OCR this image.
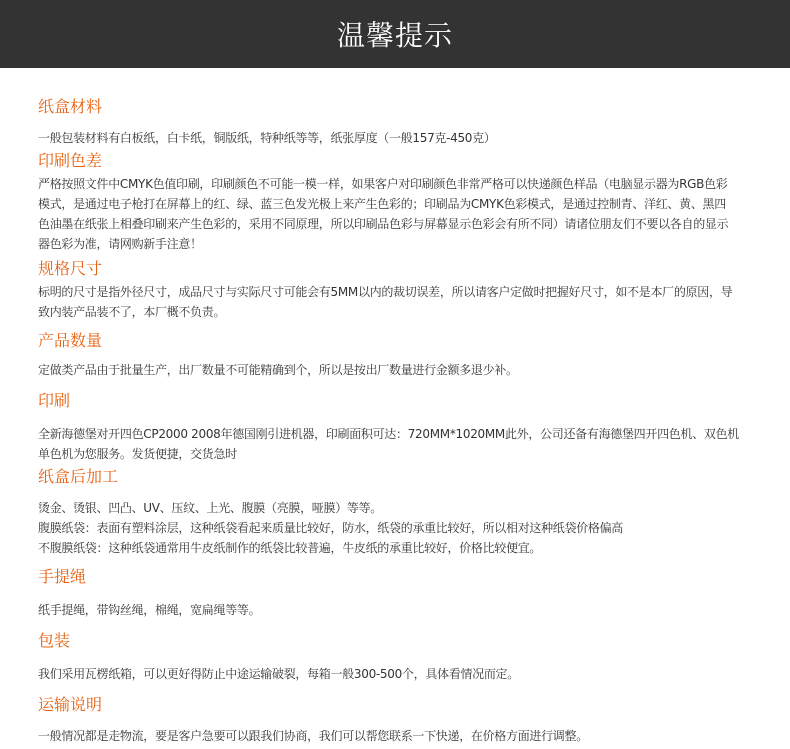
温馨提示
纸盒材料
一般包装材料有白板纸，白卡纸，铜版纸，特种纸等等，纸张厚度（一般157克-450克）
印刷色差
严格按照文件中CMYK色值印刷，印刷颜色不可能一模一样，如果客户对印刷颜色非常严格可以快递颜色样品（电脑显示器为RGB色彩
模式，是通过电子枪打在屏幕上的红、绿、蓝三色发光极上来产生色彩的；印刷品为CMYK色彩模式，是通过控制青、洋红、黄、黑四
色油墨在纸张上相叠印刷来产生色彩的，采用不同原理，所以印刷品色彩与屏幕显示色彩会有所不同）请诸位朋友们不要以各自的显示
器色彩为准，请网购新手注意！
规格尺寸
标明的尺寸是指外径尺寸，成品尺寸与实际尺寸可能会有5MM以内的裁切误差，所以请客户定做时把握好尺寸，如不是本厂的原因，导
致内装产品装不了，本厂概不负责。
产品数量
定做类产品由于批量生产，出厂数量不可能精确到个，所以是按出厂数量进行金额多退少补。
印刷
全新海德堡对开四色CP2000 2008年德国刚引进机器，印刷面积可达：720MM*1020MM此外，公司还备有海德堡四开四色机、双色机
单色机为您服务。发货便捷，交货急时
纸盒后加工
烫金、烫银、凹凸、UV、压纹、上光、腹膜（亮膜，哑膜）等等。
腹膜纸袋：表面有塑料涂层，这种纸袋看起来质量比较好，防水，纸袋的承重比较好，所以相对这种纸袋价格偏高
不腹膜纸袋：这种纸袋通常用牛皮纸制作的纸袋比较普遍，牛皮纸的承重比较好，价格比较便宜。
手提绳
纸手提绳，带钩丝绳，棉绳，宽扁绳等等。
包装
我们采用瓦楞纸箱，可以更好得防止中途运输破裂，每箱一般300-500个，具体看情况而定。
运输说明
一般情况都是走物流，要是客户急要可以跟我们协商，我们可以帮您联系一下快递，在价格方面进行调整。
